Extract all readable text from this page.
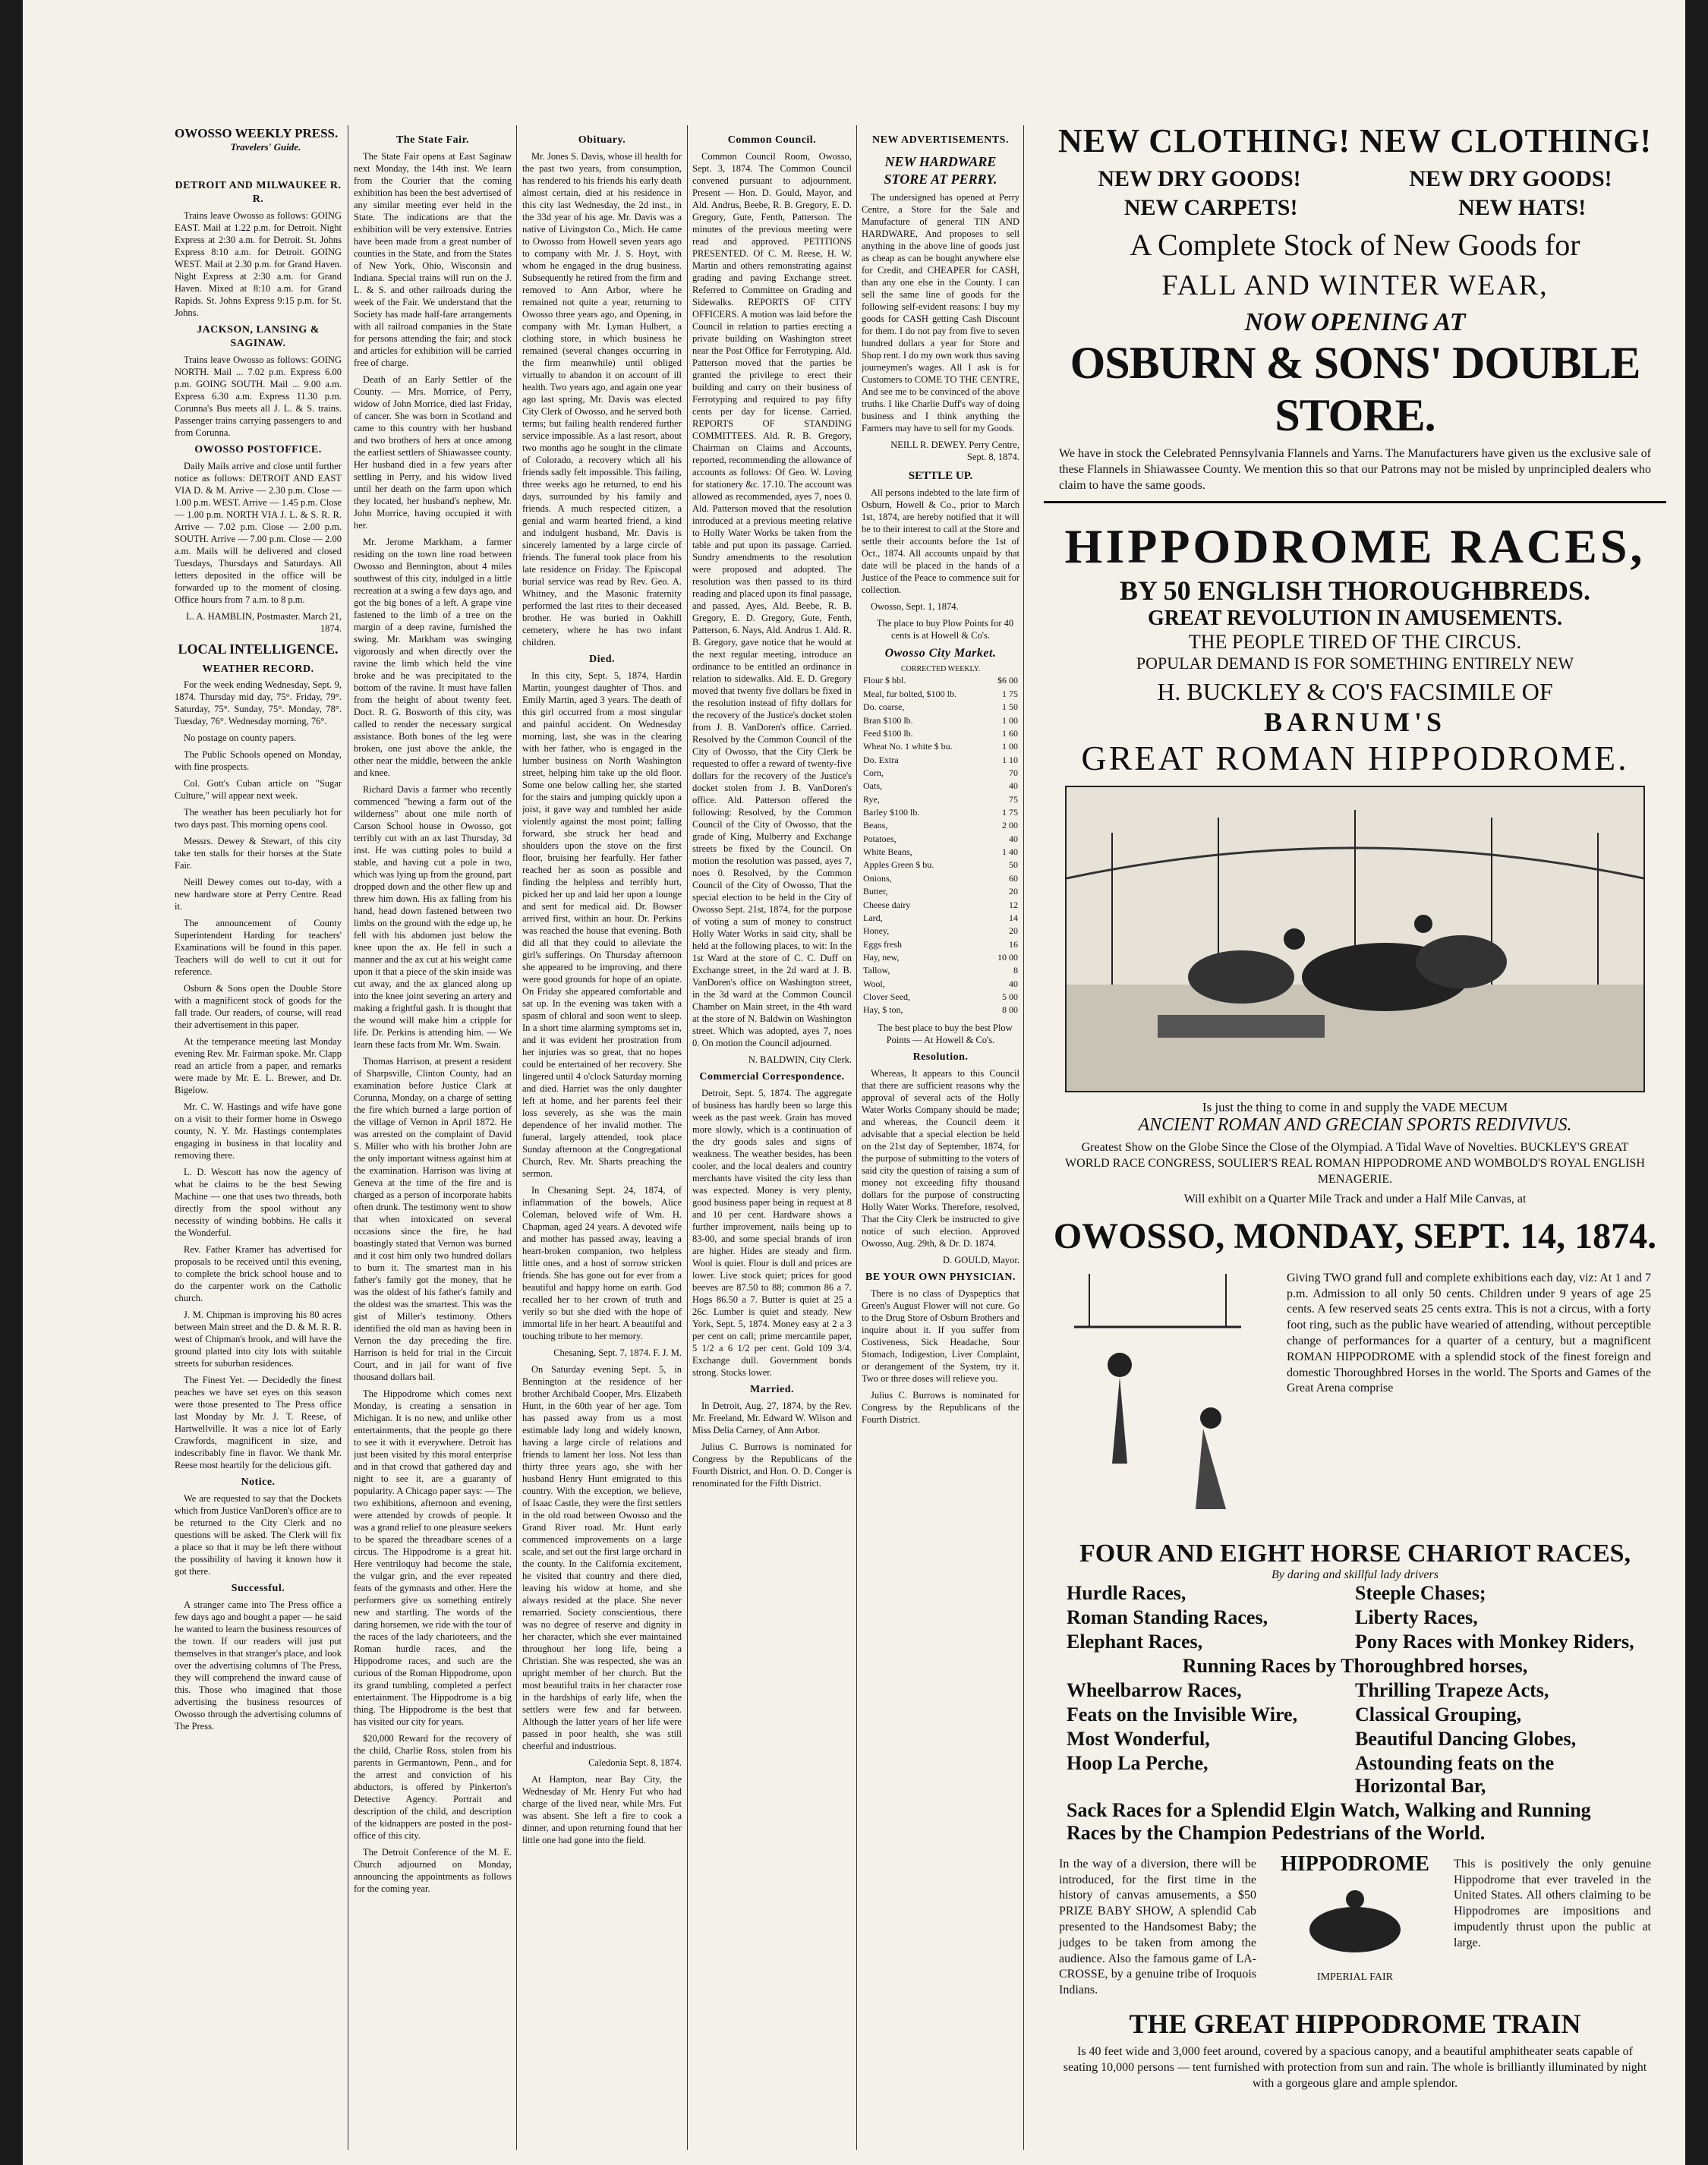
OWOSSO WEEKLY PRESS.
Travelers' Guide.
DETROIT AND MILWAUKEE R. R.

Trains leave Owosso as follows: GOING EAST. Mail at 1.22 p.m. for Detroit. Night Express at 2:30 a.m. for Detroit. St. Johns Express 8:10 a.m. for Detroit. GOING WEST. Mail at 2.30 p.m. for Grand Haven. Night Express at 2:30 a.m. for Grand Haven. Mixed at 8:10 a.m. for Grand Rapids. St. Johns Express 9:15 p.m. for St. Johns.

JACKSON, LANSING & SAGINAW.

Trains leave Owosso as follows: GOING NORTH. Mail ... 7.02 p.m. Express 6.00 p.m. GOING SOUTH. Mail ... 9.00 a.m. Express 6.30 a.m. Express 11.30 p.m. Corunna's Bus meets all J. L. & S. trains. Passenger trains carrying passengers to and from Corunna.

OWOSSO POSTOFFICE.

Daily Mails arrive and close until further notice as follows: DETROIT AND EAST VIA D. & M. Arrive — 2.30 p.m. Close — 1.00 p.m. WEST. Arrive — 1.45 p.m. Close — 1.00 p.m. NORTH VIA J. L. & S. R. R. Arrive — 7.02 p.m. Close — 2.00 p.m. SOUTH. Arrive — 7.00 p.m. Close — 2.00 a.m. Mails will be delivered and closed Tuesdays, Thursdays and Saturdays. All letters deposited in the office will be forwarded up to the moment of closing. Office hours from 7 a.m. to 8 p.m.

L. A. HAMBLIN, Postmaster. March 21, 1874.

LOCAL INTELLIGENCE.
WEATHER RECORD.

For the week ending Wednesday, Sept. 9, 1874. Thursday mid day, 75°. Friday, 79°. Saturday, 75°. Sunday, 75°. Monday, 78°. Tuesday, 76°. Wednesday morning, 76°.

No postage on county papers.

The Public Schools opened on Monday, with fine prospects.

Col. Gott's Cuban article on "Sugar Culture," will appear next week.

The weather has been peculiarly hot for two days past. This morning opens cool.

Messrs. Dewey & Stewart, of this city take ten stalls for their horses at the State Fair.

Neill Dewey comes out to-day, with a new hardware store at Perry Centre. Read it.

The announcement of County Superintendent Harding for teachers' Examinations will be found in this paper. Teachers will do well to cut it out for reference.

Osburn & Sons open the Double Store with a magnificent stock of goods for the fall trade. Our readers, of course, will read their advertisement in this paper.

At the temperance meeting last Monday evening Rev. Mr. Fairman spoke. Mr. Clapp read an article from a paper, and remarks were made by Mr. E. L. Brewer, and Dr. Bigelow.

Mr. C. W. Hastings and wife have gone on a visit to their former home in Oswego county, N. Y. Mr. Hastings contemplates engaging in business in that locality and removing there.

L. D. Wescott has now the agency of what he claims to be the best Sewing Machine — one that uses two threads, both directly from the spool without any necessity of winding bobbins. He calls it the Wonderful.

Rev. Father Kramer has advertised for proposals to be received until this evening, to complete the brick school house and to do the carpenter work on the Catholic church.

J. M. Chipman is improving his 80 acres between Main street and the D. & M. R. R. west of Chipman's brook, and will have the ground platted into city lots with suitable streets for suburban residences.

The Finest Yet. — Decidedly the finest peaches we have set eyes on this season were those presented to The Press office last Monday by Mr. J. T. Reese, of Hartwellville. It was a nice lot of Early Crawfords, magnificent in size, and indescribably fine in flavor. We thank Mr. Reese most heartily for the delicious gift.

Notice.

We are requested to say that the Dockets which from Justice VanDoren's office are to be returned to the City Clerk and no questions will be asked. The Clerk will fix a place so that it may be left there without the possibility of having it known how it got there.

Successful.

A stranger came into The Press office a few days ago and bought a paper — he said he wanted to learn the business resources of the town. If our readers will just put themselves in that stranger's place, and look over the advertising columns of The Press, they will comprehend the inward cause of this. Those who imagined that those advertising the business resources of Owosso through the advertising columns of The Press.

The State Fair.

The State Fair opens at East Saginaw next Monday, the 14th inst. We learn from the Courier that the coming exhibition has been the best advertised of any similar meeting ever held in the State. The indications are that the exhibition will be very extensive. Entries have been made from a great number of counties in the State, and from the States of New York, Ohio, Wisconsin and Indiana. Special trains will run on the J. L. & S. and other railroads during the week of the Fair. We understand that the Society has made half-fare arrangements with all railroad companies in the State for persons attending the fair; and stock and articles for exhibition will be carried free of charge.

Death of an Early Settler of the County. — Mrs. Morrice, of Perry, widow of John Morrice, died last Friday, of cancer. She was born in Scotland and came to this country with her husband and two brothers of hers at once among the earliest settlers of Shiawassee county. Her husband died in a few years after settling in Perry, and his widow lived until her death on the farm upon which they located, her husband's nephew, Mr. John Morrice, having occupied it with her.

Mr. Jerome Markham, a farmer residing on the town line road between Owosso and Bennington, about 4 miles southwest of this city, indulged in a little recreation at a swing a few days ago, and got the big bones of a left. A grape vine fastened to the limb of a tree on the margin of a deep ravine, furnished the swing. Mr. Markham was swinging vigorously and when directly over the ravine the limb which held the vine broke and he was precipitated to the bottom of the ravine. It must have fallen from the height of about twenty feet. Doct. R. G. Bosworth of this city, was called to render the necessary surgical assistance. Both bones of the leg were broken, one just above the ankle, the other near the middle, between the ankle and knee.

Richard Davis a farmer who recently commenced "hewing a farm out of the wilderness" about one mile north of Carson School house in Owosso, got terribly cut with an ax last Thursday, 3d inst. He was cutting poles to build a stable, and having cut a pole in two, which was lying up from the ground, part dropped down and the other flew up and threw him down. His ax falling from his hand, head down fastened between two limbs on the ground with the edge up, he fell with his abdomen just below the knee upon the ax. He fell in such a manner and the ax cut at his weight came upon it that a piece of the skin inside was cut away, and the ax glanced along up into the knee joint severing an artery and making a frightful gash. It is thought that the wound will make him a cripple for life. Dr. Perkins is attending him. — We learn these facts from Mr. Wm. Swain.

Thomas Harrison, at present a resident of Sharpsville, Clinton County, had an examination before Justice Clark at Corunna, Monday, on a charge of setting the fire which burned a large portion of the village of Vernon in April 1872. He was arrested on the complaint of David S. Miller who with his brother John are the only important witness against him at the examination. Harrison was living at Geneva at the time of the fire and is charged as a person of incorporate habits often drunk. The testimony went to show that when intoxicated on several occasions since the fire, he had boastingly stated that Vernon was burned and it cost him only two hundred dollars to burn it. The smartest man in his father's family got the money, that he was the oldest of his father's family and the oldest was the smartest. This was the gist of Miller's testimony. Others identified the old man as having been in Vernon the day preceding the fire. Harrison is held for trial in the Circuit Court, and in jail for want of five thousand dollars bail.

The Hippodrome which comes next Monday, is creating a sensation in Michigan. It is no new, and unlike other entertainments, that the people go there to see it with it everywhere. Detroit has just been visited by this moral enterprise and in that crowd that gathered day and night to see it, are a guaranty of popularity. A Chicago paper says: — The two exhibitions, afternoon and evening, were attended by crowds of people. It was a grand relief to one pleasure seekers to be spared the threadbare scenes of a circus. The Hippodrome is a great hit. Here ventriloquy had become the stale, the vulgar grin, and the ever repeated feats of the gymnasts and other. Here the performers give us something entirely new and startling. The words of the daring horsemen, we ride with the tour of the races of the lady charioteers, and the Roman hurdle races, and the Hippodrome races, and such are the curious of the Roman Hippodrome, upon its grand tumbling, completed a perfect entertainment. The Hippodrome is a big thing. The Hippodrome is the best that has visited our city for years.

$20,000 Reward for the recovery of the child, Charlie Ross, stolen from his parents in Germantown, Penn., and for the arrest and conviction of his abductors, is offered by Pinkerton's Detective Agency. Portrait and description of the child, and description of the kidnappers are posted in the post-office of this city.

The Detroit Conference of the M. E. Church adjourned on Monday, announcing the appointments as follows for the coming year.

Obituary.

Mr. Jones S. Davis, whose ill health for the past two years, from consumption, has rendered to his friends his early death almost certain, died at his residence in this city last Wednesday, the 2d inst., in the 33d year of his age. Mr. Davis was a native of Livingston Co., Mich. He came to Owosso from Howell seven years ago to company with Mr. J. S. Hoyt, with whom he engaged in the drug business. Subsequently he retired from the firm and removed to Ann Arbor, where he remained not quite a year, returning to Owosso three years ago, and Opening, in company with Mr. Lyman Hulbert, a clothing store, in which business he remained (several changes occurring in the firm meanwhile) until obliged virtually to abandon it on account of ill health. Two years ago, and again one year ago last spring, Mr. Davis was elected City Clerk of Owosso, and he served both terms; but failing health rendered further service impossible. As a last resort, about two months ago he sought in the climate of Colorado, a recovery which all his friends sadly felt impossible. This failing, three weeks ago he returned, to end his days, surrounded by his family and friends. A much respected citizen, a genial and warm hearted friend, a kind and indulgent husband, Mr. Davis is sincerely lamented by a large circle of friends. The funeral took place from his late residence on Friday. The Episcopal burial service was read by Rev. Geo. A. Whitney, and the Masonic fraternity performed the last rites to their deceased brother. He was buried in Oakhill cemetery, where he has two infant children.

Died.

In this city, Sept. 5, 1874, Hardin Martin, youngest daughter of Thos. and Emily Martin, aged 3 years. The death of this girl occurred from a most singular and painful accident. On Wednesday morning, last, she was in the clearing with her father, who is engaged in the lumber business on North Washington street, helping him take up the old floor. Some one below calling her, she started for the stairs and jumping quickly upon a joist, it gave way and tumbled her aside violently against the most point; falling forward, she struck her head and shoulders upon the stove on the first floor, bruising her fearfully. Her father reached her as soon as possible and finding the helpless and terribly hurt, picked her up and laid her upon a lounge and sent for medical aid. Dr. Bowser arrived first, within an hour. Dr. Perkins was reached the house that evening. Both did all that they could to alleviate the girl's sufferings. On Thursday afternoon she appeared to be improving, and there were good grounds for hope of an opiate. On Friday she appeared comfortable and sat up. In the evening was taken with a spasm of chloral and soon went to sleep. In a short time alarming symptoms set in, and it was evident her prostration from her injuries was so great, that no hopes could be entertained of her recovery. She lingered until 4 o'clock Saturday morning and died. Harriet was the only daughter left at home, and her parents feel their loss severely, as she was the main dependence of her invalid mother. The funeral, largely attended, took place Sunday afternoon at the Congregational Church, Rev. Mr. Sharts preaching the sermon.

In Chesaning Sept. 24, 1874, of inflammation of the bowels, Alice Coleman, beloved wife of Wm. H. Chapman, aged 24 years. A devoted wife and mother has passed away, leaving a heart-broken companion, two helpless little ones, and a host of sorrow stricken friends. She has gone out for ever from a beautiful and happy home on earth. God recalled her to her crown of truth and verily so but she died with the hope of immortal life in her heart. A beautiful and touching tribute to her memory.

Chesaning, Sept. 7, 1874. F. J. M.

On Saturday evening Sept. 5, in Bennington at the residence of her brother Archibald Cooper, Mrs. Elizabeth Hunt, in the 60th year of her age. Tom has passed away from us a most estimable lady long and widely known, having a large circle of relations and friends to lament her loss. Not less than thirty three years ago, she with her husband Henry Hunt emigrated to this country. With the exception, we believe, of Isaac Castle, they were the first settlers in the old road between Owosso and the Grand River road. Mr. Hunt early commenced improvements on a large scale, and set out the first large orchard in the county. In the California excitement, he visited that country and there died, leaving his widow at home, and she always resided at the place. She never remarried. Society conscientious, there was no degree of reserve and dignity in her character, which she ever maintained throughout her long life, being a Christian. She was respected, she was an upright member of her church. But the most beautiful traits in her character rose in the hardships of early life, when the settlers were few and far between. Although the latter years of her life were passed in poor health, she was still cheerful and industrious.

Caledonia Sept. 8, 1874.

At Hampton, near Bay City, the Wednesday of Mr. Henry Fut who had charge of the lived near, while Mrs. Fut was absent. She left a fire to cook a dinner, and upon returning found that her little one had gone into the field.

Common Council.

Common Council Room, Owosso, Sept. 3, 1874. The Common Council convened pursuant to adjournment. Present — Hon. D. Gould, Mayor, and Ald. Andrus, Beebe, R. B. Gregory, E. D. Gregory, Gute, Fenth, Patterson. The minutes of the previous meeting were read and approved. PETITIONS PRESENTED. Of C. M. Reese, H. W. Martin and others remonstrating against grading and paving Exchange street. Referred to Committee on Grading and Sidewalks. REPORTS OF CITY OFFICERS. A motion was laid before the Council in relation to parties erecting a private building on Washington street near the Post Office for Ferrotyping. Ald. Patterson moved that the parties be granted the privilege to erect their building and carry on their business of Ferrotyping and required to pay fifty cents per day for license. Carried. REPORTS OF STANDING COMMITTEES. Ald. R. B. Gregory, Chairman on Claims and Accounts, reported, recommending the allowance of accounts as follows: Of Geo. W. Loving for stationery &c. 17.10. The account was allowed as recommended, ayes 7, noes 0. Ald. Patterson moved that the resolution introduced at a previous meeting relative to Holly Water Works be taken from the table and put upon its passage. Carried. Sundry amendments to the resolution were proposed and adopted. The resolution was then passed to its third reading and placed upon its final passage, and passed, Ayes, Ald. Beebe, R. B. Gregory, E. D. Gregory, Gute, Fenth, Patterson, 6. Nays, Ald. Andrus 1. Ald. R. B. Gregory, gave notice that he would at the next regular meeting, introduce an ordinance to be entitled an ordinance in relation to sidewalks. Ald. E. D. Gregory moved that twenty five dollars be fixed in the resolution instead of fifty dollars for the recovery of the Justice's docket stolen from J. B. VanDoren's office. Carried. Resolved by the Common Council of the City of Owosso, that the City Clerk be requested to offer a reward of twenty-five dollars for the recovery of the Justice's docket stolen from J. B. VanDoren's office. Ald. Patterson offered the following: Resolved, by the Common Council of the City of Owosso, that the grade of King, Mulberry and Exchange streets be fixed by the Council. On motion the resolution was passed, ayes 7, noes 0. Resolved, by the Common Council of the City of Owosso, That the special election to be held in the City of Owosso Sept. 21st, 1874, for the purpose of voting a sum of money to construct Holly Water Works in said city, shall be held at the following places, to wit: In the 1st Ward at the store of C. C. Duff on Exchange street, in the 2d ward at J. B. VanDoren's office on Washington street, in the 3d ward at the Common Council Chamber on Main street, in the 4th ward at the store of N. Baldwin on Washington street. Which was adopted, ayes 7, noes 0. On motion the Council adjourned.

N. BALDWIN, City Clerk.

Commercial Correspondence.

Detroit, Sept. 5, 1874. The aggregate of business has hardly been so large this week as the past week. Grain has moved more slowly, which is a continuation of the dry goods sales and signs of weakness. The weather besides, has been cooler, and the local dealers and country merchants have visited the city less than was expected. Money is very plenty, good business paper being in request at 8 and 10 per cent. Hardware shows a further improvement, nails being up to 83-00, and some special brands of iron are higher. Hides are steady and firm. Wool is quiet. Flour is dull and prices are lower. Live stock quiet; prices for good beeves are 87.50 to 88; common 86 a 7. Hogs 86.50 a 7. Butter is quiet at 25 a 26c. Lumber is quiet and steady. New York, Sept. 5, 1874. Money easy at 2 a 3 per cent on call; prime mercantile paper, 5 1/2 a 6 1/2 per cent. Gold 109 3/4. Exchange dull. Government bonds strong. Stocks lower.

Married.

In Detroit, Aug. 27, 1874, by the Rev. Mr. Freeland, Mr. Edward W. Wilson and Miss Delia Carney, of Ann Arbor.

Julius C. Burrows is nominated for Congress by the Republicans of the Fourth District, and Hon. O. D. Conger is renominated for the Fifth District.

NEW ADVERTISEMENTS.
NEW HARDWARE STORE AT PERRY.

The undersigned has opened at Perry Centre, a Store for the Sale and Manufacture of general TIN AND HARDWARE, And proposes to sell anything in the above line of goods just as cheap as can be bought anywhere else for Credit, and CHEAPER for CASH, than any one else in the County. I can sell the same line of goods for the following self-evident reasons: I buy my goods for CASH getting Cash Discount for them. I do not pay from five to seven hundred dollars a year for Store and Shop rent. I do my own work thus saving journeymen's wages. All I ask is for Customers to COME TO THE CENTRE, And see me to be convinced of the above truths. I like Charlie Duff's way of doing business and I think anything the Farmers may have to sell for my Goods.

NEILL R. DEWEY. Perry Centre, Sept. 8, 1874.

SETTLE UP.

All persons indebted to the late firm of Osburn, Howell & Co., prior to March 1st, 1874, are hereby notified that it will be to their interest to call at the Store and settle their accounts before the 1st of Oct., 1874. All accounts unpaid by that date will be placed in the hands of a Justice of the Peace to commence suit for collection.

Owosso, Sept. 1, 1874.

The place to buy Plow Points for 40 cents is at Howell & Co's.

Owosso City Market.
CORRECTED WEEKLY.
Flour $ bbl.	$6 00
Meal, fur bolted, $100 lb.	1 75
Do. coarse,	1 50
Bran $100 lb.	1 00
Feed $100 lb.	1 60
Wheat No. 1 white $ bu.	1 00
Do. Extra	1 10
Corn,	70
Oats,	40
Rye,	75
Barley $100 lb.	1 75
Beans,	2 00
Potatoes,	40
White Beans,	1 40
Apples Green $ bu.	50
Onions,	60
Butter,	20
Cheese dairy	12
Lard,	14
Honey,	20
Eggs fresh	16
Hay, new,	10 00
Tallow,	8
Wool,	40
Clover Seed,	5 00
Hay, $ ton,	8 00

The best place to buy the best Plow Points — At Howell & Co's.

Resolution.

Whereas, It appears to this Council that there are sufficient reasons why the approval of several acts of the Holly Water Works Company should be made; and whereas, the Council deem it advisable that a special election be held on the 21st day of September, 1874, for the purpose of submitting to the voters of said city the question of raising a sum of money not exceeding fifty thousand dollars for the purpose of constructing Holly Water Works. Therefore, resolved, That the City Clerk be instructed to give notice of such election. Approved Owosso, Aug. 29th, & Dr. D. 1874.

D. GOULD, Mayor.

BE YOUR OWN PHYSICIAN.

There is no class of Dyspeptics that Green's August Flower will not cure. Go to the Drug Store of Osburn Brothers and inquire about it. If you suffer from Costiveness, Sick Headache, Sour Stomach, Indigestion, Liver Complaint, or derangement of the System, try it. Two or three doses will relieve you.

Julius C. Burrows is nominated for Congress by the Republicans of the Fourth District.

NEW CLOTHING! NEW CLOTHING!
NEW DRY GOODS!	NEW DRY GOODS!
NEW CARPETS!	NEW HATS!
A Complete Stock of New Goods for
FALL AND WINTER WEAR,
NOW OPENING AT
OSBURN & SONS' DOUBLE STORE.
We have in stock the Celebrated Pennsylvania Flannels and Yarns. The Manufacturers have given us the exclusive sale of these Flannels in Shiawassee County. We mention this so that our Patrons may not be misled by unprincipled dealers who claim to have the same goods.
HIPPODROME RACES,
BY 50 ENGLISH THOROUGHBREDS.
GREAT REVOLUTION IN AMUSEMENTS.
THE PEOPLE TIRED OF THE CIRCUS.
POPULAR DEMAND IS FOR SOMETHING ENTIRELY NEW
H. BUCKLEY & CO'S FACSIMILE OF
BARNUM'S
GREAT ROMAN HIPPODROME.
Is just the thing to come in and supply the VADE MECUM
ANCIENT ROMAN AND GRECIAN SPORTS REDIVIVUS.
Greatest Show on the Globe Since the Close of the Olympiad. A Tidal Wave of Novelties. BUCKLEY'S GREAT WORLD RACE CONGRESS, SOULIER'S REAL ROMAN HIPPODROME AND WOMBOLD'S ROYAL ENGLISH MENAGERIE.
Will exhibit on a Quarter Mile Track and under a Half Mile Canvas, at
OWOSSO, MONDAY, SEPT. 14, 1874.
Giving TWO grand full and complete exhibitions each day, viz: At 1 and 7 p.m. Admission to all only 50 cents. Children under 9 years of age 25 cents. A few reserved seats 25 cents extra. This is not a circus, with a forty foot ring, such as the public have wearied of attending, without perceptible change of performances for a quarter of a century, but a magnificent ROMAN HIPPODROME with a splendid stock of the finest foreign and domestic Thoroughbred Horses in the world. The Sports and Games of the Great Arena comprise
FOUR AND EIGHT HORSE CHARIOT RACES,
By daring and skillful lady drivers
Hurdle Races,	Steeple Chases;
Roman Standing Races,	Liberty Races,
Elephant Races,	Pony Races with Monkey Riders,
Running Races by Thoroughbred horses,
Wheelbarrow Races,	Thrilling Trapeze Acts,
Feats on the Invisible Wire,	Classical Grouping,
Most Wonderful,	Beautiful Dancing Globes,
Hoop La Perche,	Astounding feats on the Horizontal Bar,
Sack Races for a Splendid Elgin Watch, Walking and Running Races by the Champion Pedestrians of the World.
In the way of a diversion, there will be introduced, for the first time in the history of canvas amusements, a $50 PRIZE BABY SHOW, A splendid Cab presented to the Handsomest Baby; the judges to be taken from among the audience. Also the famous game of LA-CROSSE, by a genuine tribe of Iroquois Indians.
HIPPODROME
IMPERIAL FAIR
This is positively the only genuine Hippodrome that ever traveled in the United States. All others claiming to be Hippodromes are impositions and impudently thrust upon the public at large.
THE GREAT HIPPODROME TRAIN
Is 40 feet wide and 3,000 feet around, covered by a spacious canopy, and a beautiful amphitheater seats capable of seating 10,000 persons — tent furnished with protection from sun and rain. The whole is brilliantly illuminated by night with a gorgeous glare and ample splendor.
